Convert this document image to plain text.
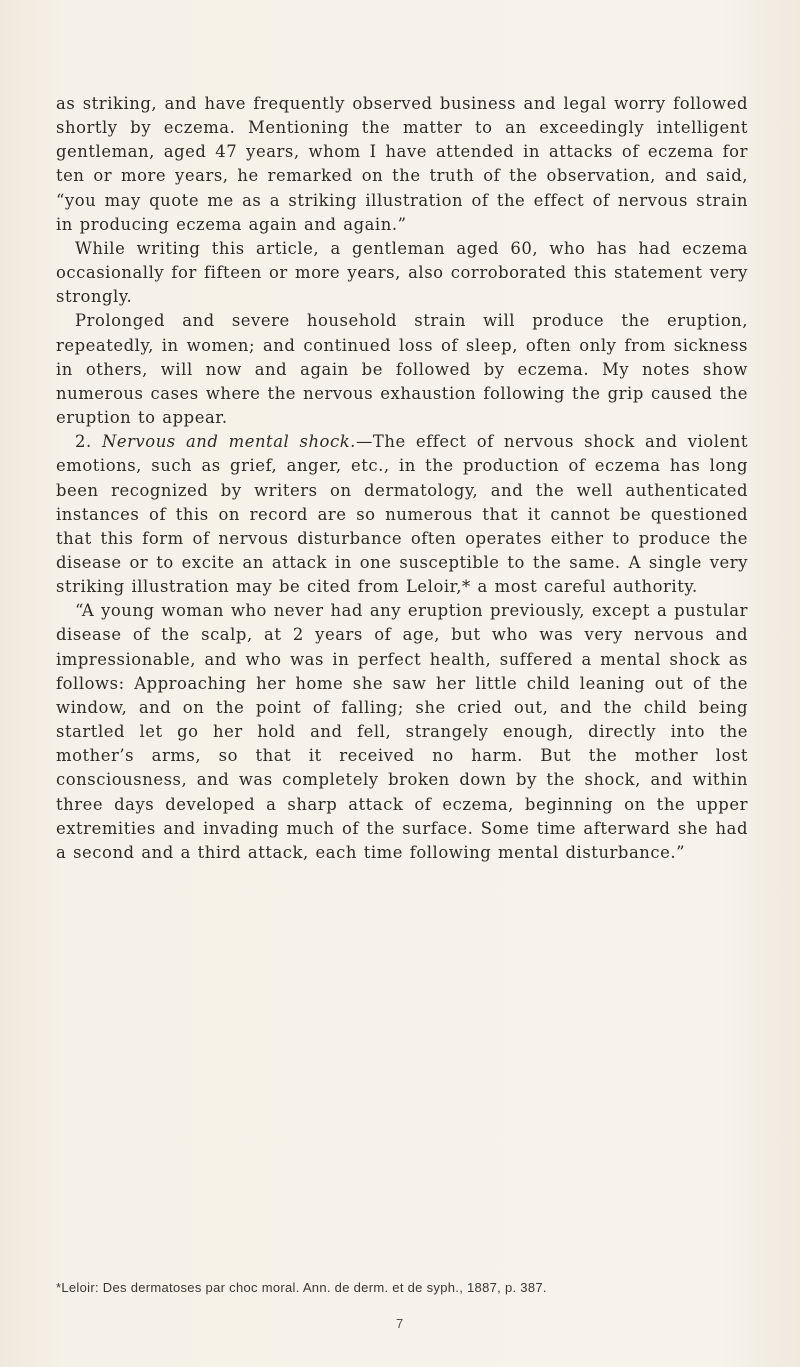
as striking, and have frequently observed business and legal worry followed shortly by eczema. Mentioning the matter to an exceedingly intelligent gentleman, aged 47 years, whom I have attended in attacks of eczema for ten or more years, he remarked on the truth of the observation, and said, “you may quote me as a striking illustration of the effect of nervous strain in producing eczema again and again.”

While writing this article, a gentleman aged 60, who has had eczema occasionally for fifteen or more years, also corroborated this statement very strongly.

Prolonged and severe household strain will produce the eruption, repeatedly, in women; and continued loss of sleep, often only from sickness in others, will now and again be followed by eczema. My notes show numerous cases where the nervous exhaustion following the grip caused the eruption to appear.

2. Nervous and mental shock.—The effect of nervous shock and violent emotions, such as grief, anger, etc., in the production of eczema has long been recognized by writers on dermatology, and the well authenticated instances of this on record are so numerous that it cannot be questioned that this form of nervous disturbance often operates either to produce the disease or to excite an attack in one susceptible to the same. A single very striking illustration may be cited from Leloir,* a most careful authority.

“A young woman who never had any eruption previously, except a pustular disease of the scalp, at 2 years of age, but who was very nervous and impressionable, and who was in perfect health, suffered a mental shock as follows: Approaching her home she saw her little child leaning out of the window, and on the point of falling; she cried out, and the child being startled let go her hold and fell, strangely enough, directly into the mother’s arms, so that it received no harm. But the mother lost consciousness, and was completely broken down by the shock, and within three days developed a sharp attack of eczema, beginning on the upper extremities and invading much of the surface. Some time afterward she had a second and a third attack, each time following mental disturbance.”

*Leloir: Des dermatoses par choc moral. Ann. de derm. et de syph., 1887, p. 387.
7
